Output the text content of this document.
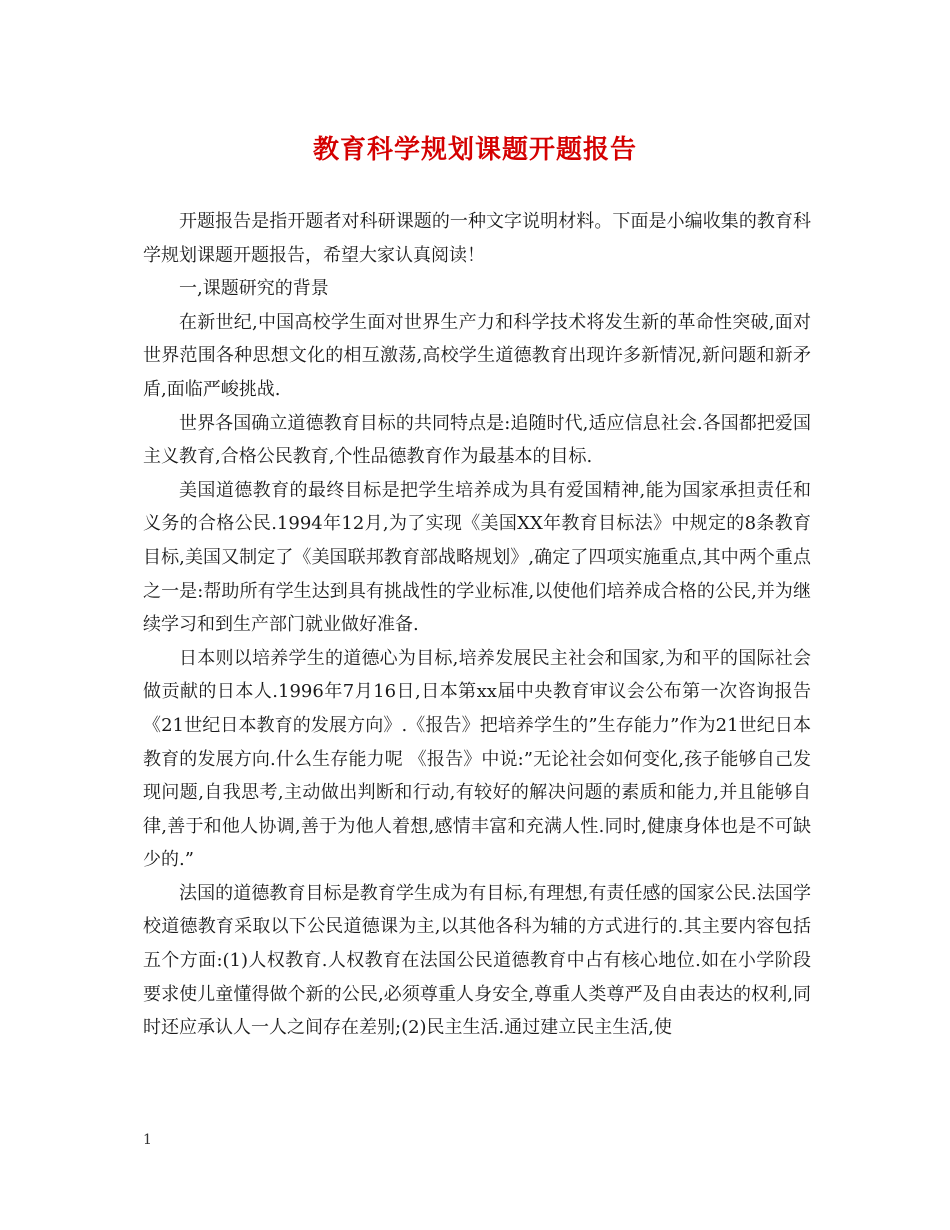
教育科学规划课题开题报告

开题报告是指开题者对科研课题的一种文字说明材料。下面是小编收集的教育科学规划课题开题报告，希望大家认真阅读！

一,课题研究的背景

在新世纪,中国高校学生面对世界生产力和科学技术将发生新的革命性突破,面对世界范围各种思想文化的相互激荡,高校学生道德教育出现许多新情况,新问题和新矛盾,面临严峻挑战.

世界各国确立道德教育目标的共同特点是:追随时代,适应信息社会.各国都把爱国主义教育,合格公民教育,个性品德教育作为最基本的目标.

美国道德教育的最终目标是把学生培养成为具有爱国精神,能为国家承担责任和义务的合格公民.1994年12月,为了实现《美国XX年教育目标法》中规定的8条教育目标,美国又制定了《美国联邦教育部战略规划》,确定了四项实施重点,其中两个重点之一是:帮助所有学生达到具有挑战性的学业标准,以使他们培养成合格的公民,并为继续学习和到生产部门就业做好准备.

日本则以培养学生的道德心为目标,培养发展民主社会和国家,为和平的国际社会做贡献的日本人.1996年7月16日,日本第xx届中央教育审议会公布第一次咨询报告《21世纪日本教育的发展方向》.《报告》把培养学生的”生存能力”作为21世纪日本教育的发展方向.什么生存能力呢 《报告》中说:”无论社会如何变化,孩子能够自己发现问题,自我思考,主动做出判断和行动,有较好的解决问题的素质和能力,并且能够自律,善于和他人协调,善于为他人着想,感情丰富和充满人性.同时,健康身体也是不可缺少的.”

法国的道德教育目标是教育学生成为有目标,有理想,有责任感的国家公民.法国学校道德教育采取以下公民道德课为主,以其他各科为辅的方式进行的.其主要内容包括五个方面:(1)人权教育.人权教育在法国公民道德教育中占有核心地位.如在小学阶段要求使儿童懂得做个新的公民,必须尊重人身安全,尊重人类尊严及自由表达的权利,同时还应承认人一人之间存在差别;(2)民主生活.通过建立民主生活,使

1
